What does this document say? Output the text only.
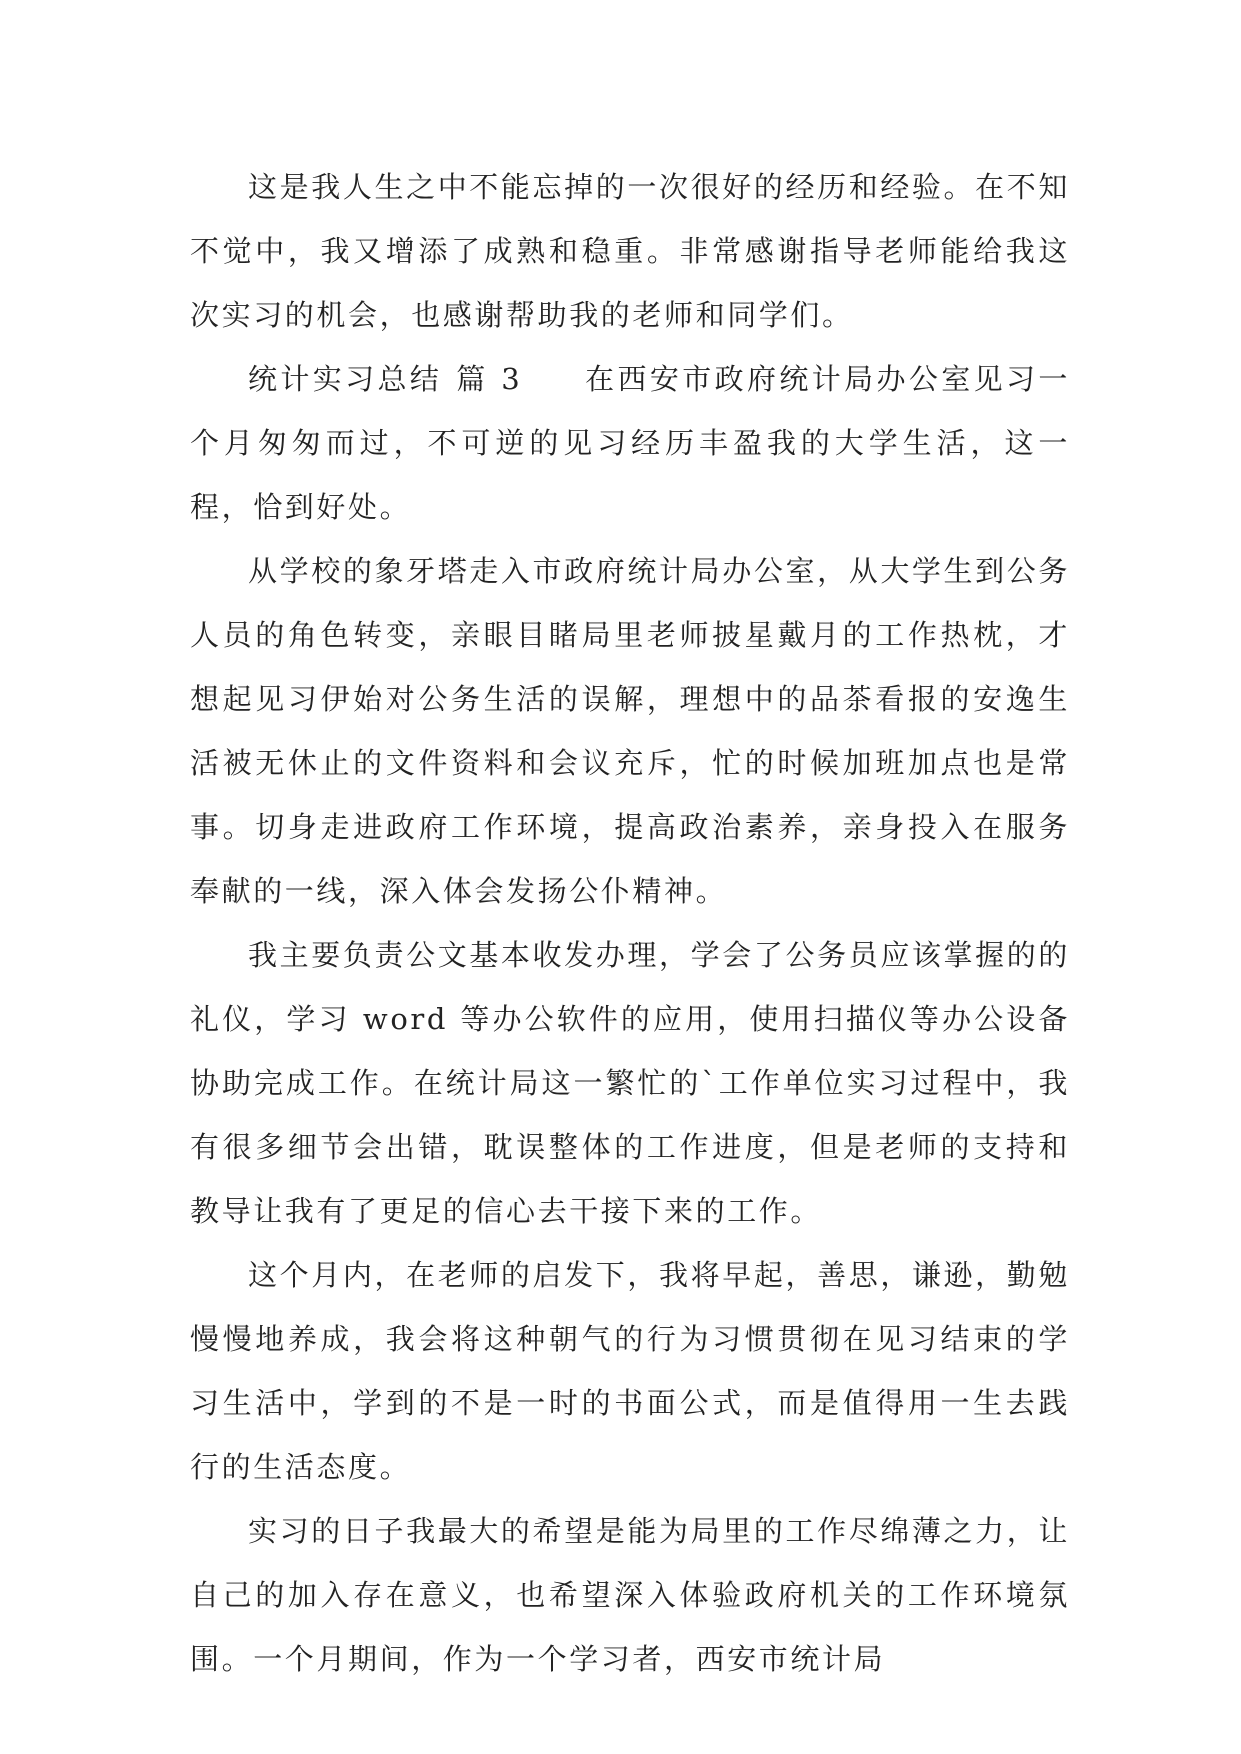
这是我人生之中不能忘掉的一次很好的经历和经验。在不知不觉中，我又增添了成熟和稳重。非常感谢指导老师能给我这次实习的机会，也感谢帮助我的老师和同学们。

统计实习总结 篇 3 在西安市政府统计局办公室见习一个月匆匆而过，不可逆的见习经历丰盈我的大学生活，这一程，恰到好处。

从学校的象牙塔走入市政府统计局办公室，从大学生到公务人员的角色转变，亲眼目睹局里老师披星戴月的工作热枕，才想起见习伊始对公务生活的误解，理想中的品茶看报的安逸生活被无休止的文件资料和会议充斥，忙的时候加班加点也是常事。切身走进政府工作环境，提高政治素养，亲身投入在服务奉献的一线，深入体会发扬公仆精神。

我主要负责公文基本收发办理，学会了公务员应该掌握的的礼仪，学习 word 等办公软件的应用，使用扫描仪等办公设备协助完成工作。在统计局这一繁忙的`工作单位实习过程中，我有很多细节会出错，耽误整体的工作进度，但是老师的支持和教导让我有了更足的信心去干接下来的工作。

这个月内，在老师的启发下，我将早起，善思，谦逊，勤勉慢慢地养成，我会将这种朝气的行为习惯贯彻在见习结束的学习生活中，学到的不是一时的书面公式，而是值得用一生去践行的生活态度。

实习的日子我最大的希望是能为局里的工作尽绵薄之力，让自己的加入存在意义，也希望深入体验政府机关的工作环境氛围。一个月期间，作为一个学习者，西安市统计局
